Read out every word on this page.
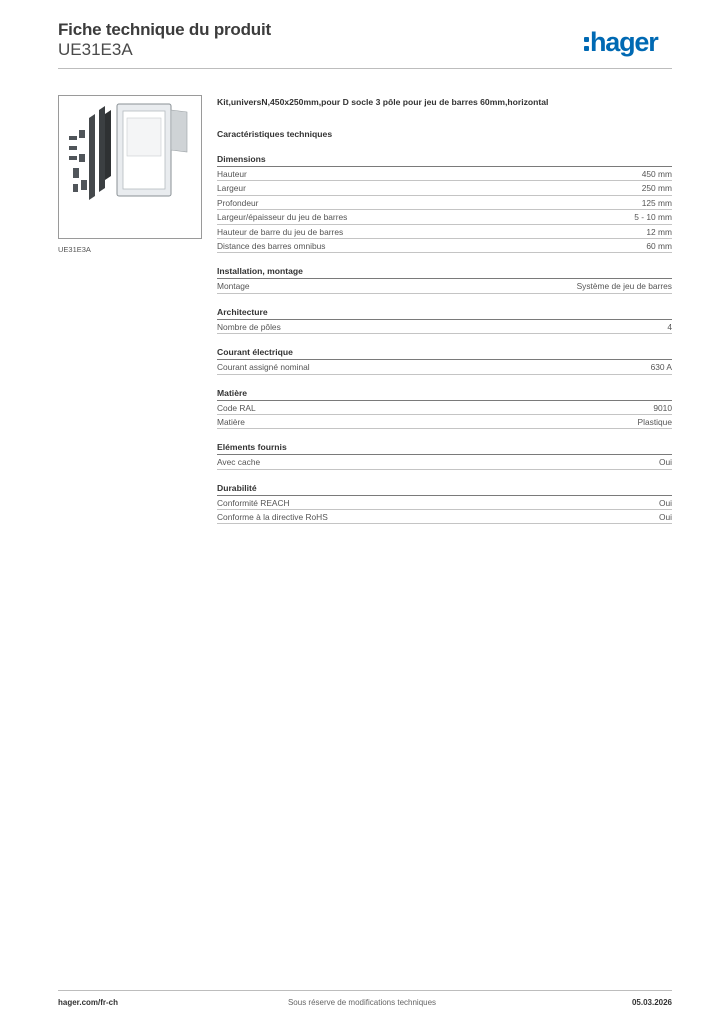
Fiche technique du produit
UE31E3A	hager
UE31E3A
Kit,universN,450x250mm,pour D socle 3 pôle pour jeu de barres 60mm,horizontal
Caractéristiques techniques
Dimensions
Hauteur	450 mm
Largeur	250 mm
Profondeur	125 mm
Largeur/épaisseur du jeu de barres	5 - 10 mm
Hauteur de barre du jeu de barres	12 mm
Distance des barres omnibus	60 mm
Installation, montage
Montage	Système de jeu de barres
Architecture
Nombre de pôles	4
Courant électrique
Courant assigné nominal	630 A
Matière
Code RAL	9010
Matière	Plastique
Eléments fournis
Avec cache	Oui
Durabilité
Conformité REACH	Oui
Conforme à la directive RoHS	Oui
hager.com/fr-ch	Sous réserve de modifications techniques	05.03.2026
